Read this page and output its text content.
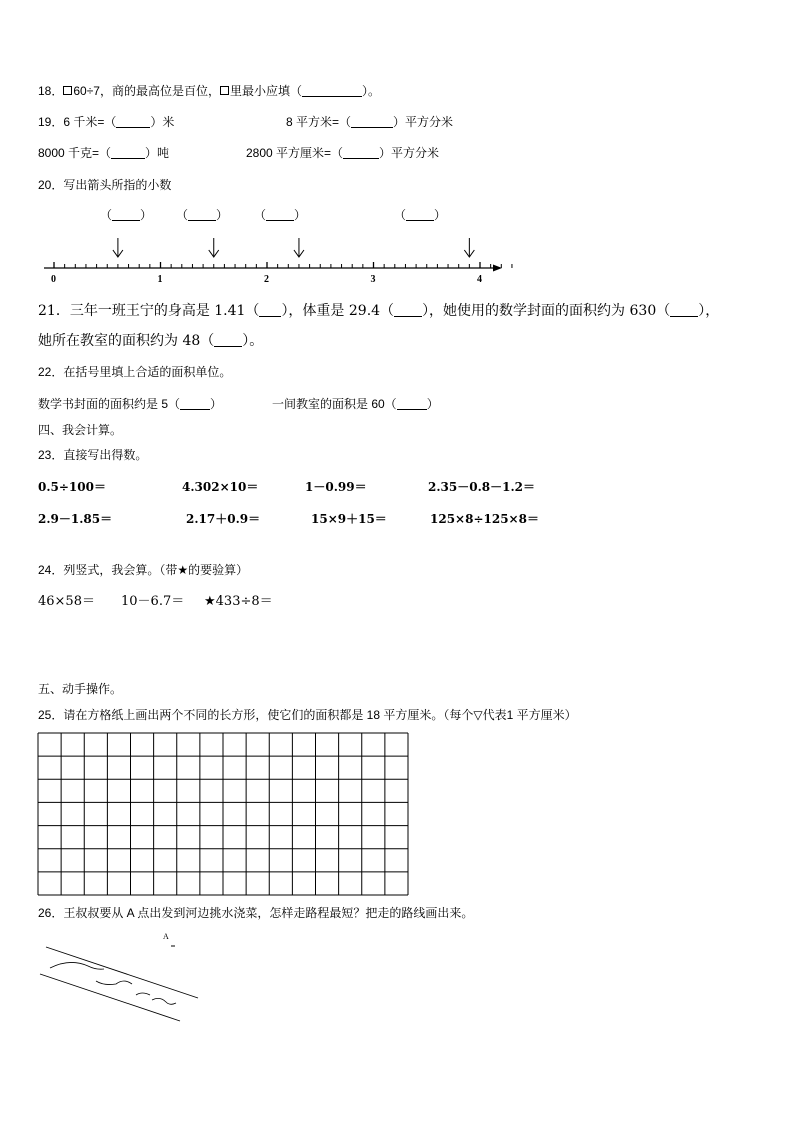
18． 60÷7，商的最高位是百位， 里最小应填（	）。
19．6 千米=（	）米	8 平方米=（	）平方分米
8000 千克=（	）吨	2800 平方厘米=（	）平方分米
20．写出箭头所指的小数
（ ） （ ） （ ）	（ ）
0	1	2	3	4
21．三年一班王宁的身高是 1.41（ ），体重是 29.4（ ），她使用的数学封面的面积约为 630（ ），
她所在教室的面积约为 48（ ）。
22．在括号里填上合适的面积单位。
数学书封面的面积约是 5（	）	一间教室的面积是 60（	）
四、我会计算。
23．直接写出得数。
0.5÷100＝	4.302×10＝	1－0.99＝	2.35－0.8－1.2＝
2.9－1.85＝	2.17＋0.9＝	15×9＋15＝	125×8÷125×8＝
24．列竖式，我会算。（带★的要验算）
46×58＝ 10－6.7＝ ★433÷8＝
五、动手操作。
25．请在方格纸上画出两个不同的长方形，使它们的面积都是 18 平方厘米。（每个▽代表1 平方厘米）
26．王叔叔要从 A 点出发到河边挑水浇菜，怎样走路程最短？把走的路线画出来。
A
